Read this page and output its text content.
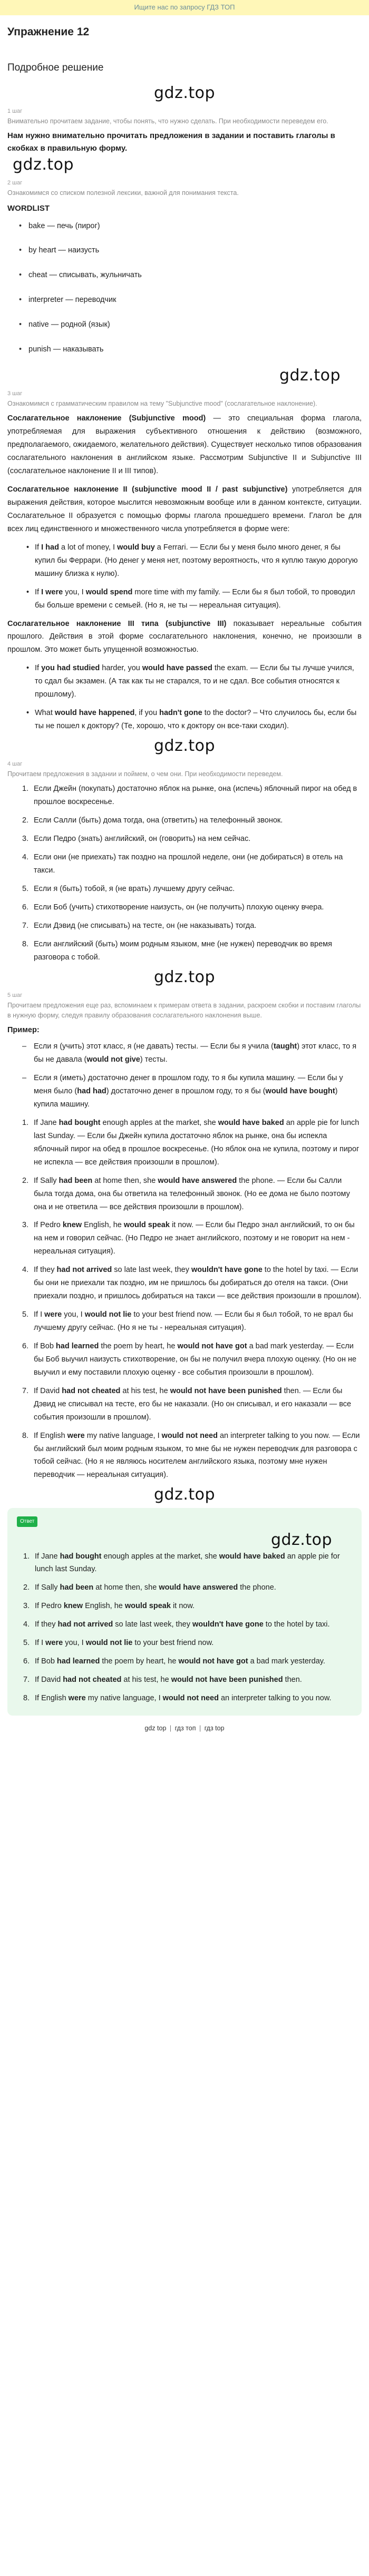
Ищите нас по запросу ГДЗ ТОП
Упражнение 12
Подробное решение
gdz.top
1 шаг
Внимательно прочитаем задание, чтобы понять, что нужно сделать. При необходимости переведем его.
Нам нужно внимательно прочитать предложения в задании и поставить глаголы в скобках в правильную форму.
gdz.top
2 шаг
Ознакомимся со списком полезной лексики, важной для понимания текста.
WORDLIST
• bake — печь (пирог)
• by heart — наизусть
• cheat — списывать, жульничать
• interpreter — переводчик
• native — родной (язык)
• punish — наказывать
gdz.top
3 шаг
Ознакомимся с грамматическим правилом на тему "Subjunctive mood" (сослагательное наклонение).

Сослагательное наклонение (Subjunctive mood) — это специальная форма глагола, употребляемая для выражения субъективного отношения к действию (возможного, предполагаемого, ожидаемого, желательного действия). Существует несколько типов образования сослагательного наклонения в английском языке. Рассмотрим Subjunctive II и Subjunctive III (сослагательное наклонение II и III типов).

Сослагательное наклонение II (subjunctive mood II / past subjunctive) употребляется для выражения действия, которое мыслится невозможным вообще или в данном контексте, ситуации. Сослагательное II образуется с помощью формы глагола прошедшего времени. Глагол be для всех лиц единственного и множественного числа употребляется в форме were:

• If I had a lot of money, I would buy a Ferrari. — Если бы у меня было много денег, я бы купил бы Феррари. (Но денег у меня нет, поэтому вероятность, что я куплю такую дорогую машину близка к нулю).
• If I were you, I would spend more time with my family. — Если бы я был тобой, то проводил бы больше времени с семьей. (Но я, не ты — нереальная ситуация).

Сослагательное наклонение III типа (subjunctive III) показывает нереальные события прошлого. Действия в этой форме сослагательного наклонения, конечно, не произошли в прошлом. Это может быть упущенной возможностью.

• If you had studied harder, you would have passed the exam. — Если бы ты лучше учился, то сдал бы экзамен. (А так как ты не старался, то и не сдал. Все события относятся к прошлому).
• What would have happened, if you hadn't gone to the doctor? – Что случилось бы, если бы ты не пошел к доктору? (Те, хорошо, что к доктору он все-таки сходил).
gdz.top
4 шаг
Прочитаем предложения в задании и поймем, о чем они. При необходимости переведем.
1. Если Джейн (покупать) достаточно яблок на рынке, она (испечь) яблочный пирог на обед в прошлое воскресенье.
2. Если Салли (быть) дома тогда, она (ответить) на телефонный звонок.
3. Если Педро (знать) английский, он (говорить) на нем сейчас.
4. Если они (не приехать) так поздно на прошлой неделе, они (не добираться) в отель на такси.
5. Если я (быть) тобой, я (не врать) лучшему другу сейчас.
6. Если Боб (учить) стихотворение наизусть, он (не получить) плохую оценку вчера.
7. Если Дэвид (не списывать) на тесте, он (не наказывать) тогда.
8. Если английский (быть) моим родным языком, мне (не нужен) переводчик во время разговора с тобой.
gdz.top
5 шаг
Прочитаем предложения еще раз, вспоминаем к примерам ответа в задании, раскроем скобки и поставим глаголы в нужную форму, следуя правилу образования сослагательного наклонения выше.
Пример:
– Если я (учить) этот класс, я (не давать) тесты. — Если бы я учила (taught) этот класс, то я бы не давала (would not give) тесты.
– Если я (иметь) достаточно денег в прошлом году, то я бы купила машину. — Если бы у меня было (had had) достаточно денег в прошлом году, то я бы (would have bought) купила машину.
1. If Jane had bought enough apples at the market, she would have baked an apple pie for lunch last Sunday. — Если бы Джейн купила достаточно яблок на рынке, она бы испекла яблочный пирог на обед в прошлое воскресенье. (Но яблок она не купила, поэтому и пирог не испекла — все действия произошли в прошлом).
2. If Sally had been at home then, she would have answered the phone. — Если бы Салли была тогда дома, она бы ответила на телефонный звонок. (Но ее дома не было поэтому она и не ответила — все действия произошли в прошлом).
3. If Pedro knew English, he would speak it now. — Если бы Педро знал английский, то он бы на нем и говорил сейчас. (Но Педро не знает английского, поэтому и не говорит на нем - нереальная ситуация).
4. If they had not arrived so late last week, they wouldn't have gone to the hotel by taxi. — Если бы они не приехали так поздно, им не пришлось бы добираться до отеля на такси. (Они приехали поздно, и пришлось добираться на такси — все действия произошли в прошлом).
5. If I were you, I would not lie to your best friend now. — Если бы я был тобой, то не врал бы лучшему другу сейчас. (Но я не ты - нереальная ситуация).
6. If Bob had learned the poem by heart, he would not have got a bad mark yesterday. — Если бы Боб выучил наизусть стихотворение, он бы не получил вчера плохую оценку. (Но он не выучил и ему поставили плохую оценку - все события произошли в прошлом).
7. If David had not cheated at his test, he would not have been punished then. — Если бы Дэвид не списывал на тесте, его бы не наказали. (Но он списывал, и его наказали — все события произошли в прошлом).
8. If English were my native language, I would not need an interpreter talking to you now. — Если бы английский был моим родным языком, то мне бы не нужен переводчик для разговора с тобой сейчас. (Но я не являюсь носителем английского языка, поэтому мне нужен переводчик — нереальная ситуация).
gdz.top
Ответ
gdz.top
1. If Jane had bought enough apples at the market, she would have baked an apple pie for lunch last Sunday.
2. If Sally had been at home then, she would have answered the phone.
3. If Pedro knew English, he would speak it now.
4. If they had not arrived so late last week, they wouldn't have gone to the hotel by taxi.
5. If I were you, I would not lie to your best friend now.
6. If Bob had learned the poem by heart, he would not have got a bad mark yesterday.
7. If David had not cheated at his test, he would not have been punished then.
8. If English were my native language, I would not need an interpreter talking to you now.
gdz top | гдз топ | гдз top
